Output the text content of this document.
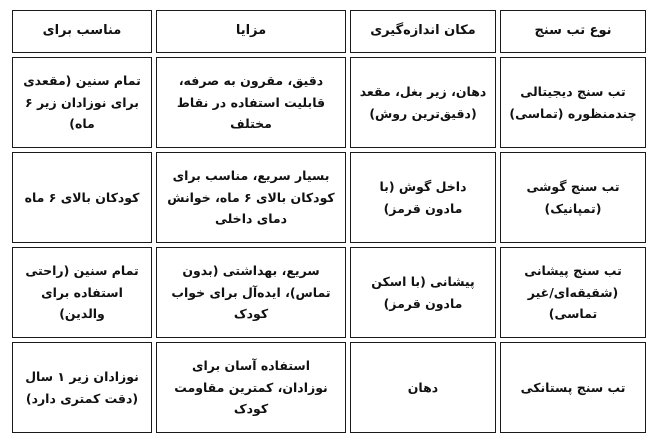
نوع تب سنج	مکان اندازه‌گیری	مزایا	مناسب برای
تب سنج دیجیتالی چندمنظوره (تماسی)	دهان، زیر بغل، مقعد (دقیق‌ترین روش)	دقیق، مقرون به صرفه، قابلیت استفاده در نقاط مختلف	تمام سنین (مقعدی برای نوزادان زیر ۶ ماه)
تب سنج گوشی (تمپانیک)	داخل گوش (با مادون قرمز)	بسیار سریع، مناسب برای کودکان بالای ۶ ماه، خوانش دمای داخلی	کودکان بالای ۶ ماه
تب سنج پیشانی (شقیقه‌ای/غیر تماسی)	پیشانی (با اسکن مادون قرمز)	سریع، بهداشتی (بدون تماس)، ایده‌آل برای خواب کودک	تمام سنین (راحتی استفاده برای والدین)
تب سنج پستانکی	دهان	استفاده آسان برای نوزادان، کمترین مقاومت کودک	نوزادان زیر ۱ سال (دقت کمتری دارد)
